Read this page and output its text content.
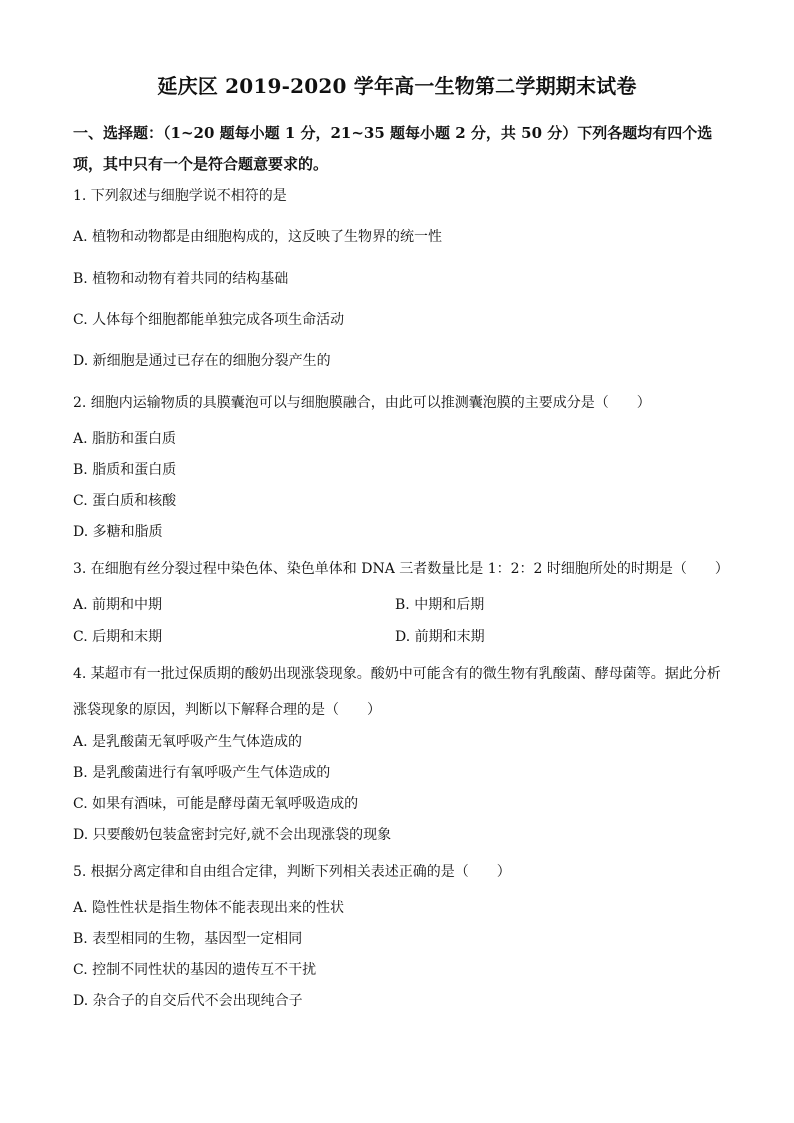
延庆区 2019-2020 学年高一生物第二学期期末试卷
一、选择题：（1~20 题每小题 1 分，21~35 题每小题 2 分，共 50 分）下列各题均有四个选项，其中只有一个是符合题意要求的。
1. 下列叙述与细胞学说不相符的是
A. 植物和动物都是由细胞构成的，这反映了生物界的统一性
B. 植物和动物有着共同的结构基础
C. 人体每个细胞都能单独完成各项生命活动
D. 新细胞是通过已存在的细胞分裂产生的
2. 细胞内运输物质的具膜囊泡可以与细胞膜融合，由此可以推测囊泡膜的主要成分是（　　）
A. 脂肪和蛋白质
B. 脂质和蛋白质
C. 蛋白质和核酸
D. 多糖和脂质
3. 在细胞有丝分裂过程中染色体、染色单体和 DNA 三者数量比是 1：2：2 时细胞所处的时期是（　　）
A. 前期和中期	B. 中期和后期
C. 后期和末期	D. 前期和末期
4. 某超市有一批过保质期的酸奶出现涨袋现象。酸奶中可能含有的微生物有乳酸菌、酵母菌等。据此分析涨袋现象的原因，判断以下解释合理的是（　　）
A. 是乳酸菌无氧呼吸产生气体造成的
B. 是乳酸菌进行有氧呼吸产生气体造成的
C. 如果有酒味，可能是酵母菌无氧呼吸造成的
D. 只要酸奶包装盒密封完好,就不会出现涨袋的现象
5. 根据分离定律和自由组合定律，判断下列相关表述正确的是（　　）
A. 隐性性状是指生物体不能表现出来的性状
B. 表型相同的生物，基因型一定相同
C. 控制不同性状的基因的遗传互不干扰
D. 杂合子的自交后代不会出现纯合子
